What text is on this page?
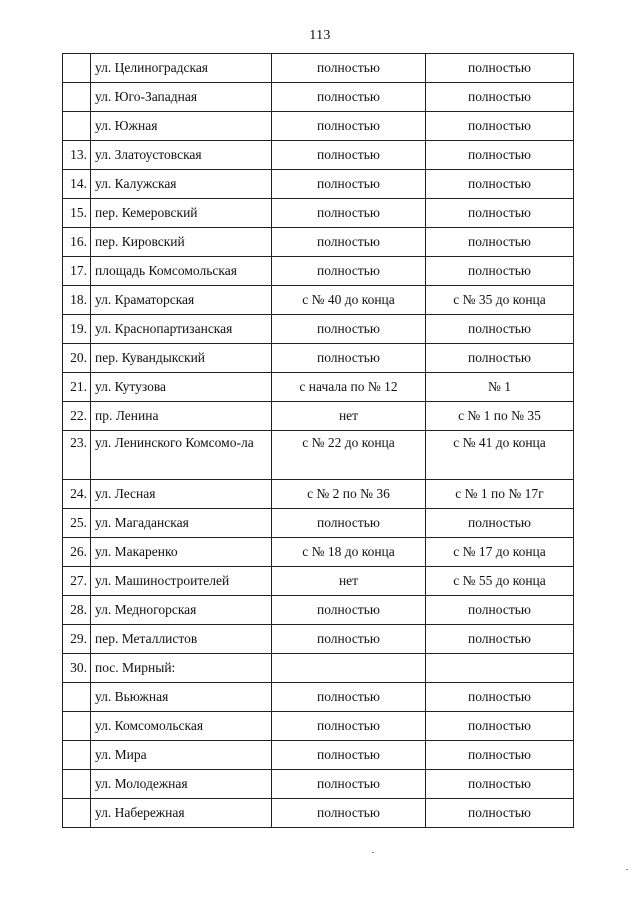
113
	ул. Целиноградская	полностью	полностью
	ул. Юго-Западная	полностью	полностью
	ул. Южная	полностью	полностью
13.	ул. Златоустовская	полностью	полностью
14.	ул. Калужская	полностью	полностью
15.	пер. Кемеровский	полностью	полностью
16.	пер. Кировский	полностью	полностью
17.	площадь Комсомольская	полностью	полностью
18.	ул. Краматорская	с № 40 до конца	с № 35 до конца
19.	ул. Краснопартизанская	полностью	полностью
20.	пер. Кувандыкский	полностью	полностью
21.	ул. Кутузова	с начала по № 12	№ 1
22.	пр. Ленина	нет	с № 1 по № 35
23.	ул. Ленинского Комсомо-ла	с № 22 до конца	с № 41 до конца
24.	ул. Лесная	с № 2 по № 36	с № 1 по № 17г
25.	ул. Магаданская	полностью	полностью
26.	ул. Макаренко	с № 18 до конца	с № 17 до конца
27.	ул. Машиностроителей	нет	с № 55 до конца
28.	ул. Медногорская	полностью	полностью
29.	пер. Металлистов	полностью	полностью
30.	пос. Мирный:		
	ул. Вьюжная	полностью	полностью
	ул. Комсомольская	полностью	полностью
	ул. Мира	полностью	полностью
	ул. Молодежная	полностью	полностью
	ул. Набережная	полностью	полностью
